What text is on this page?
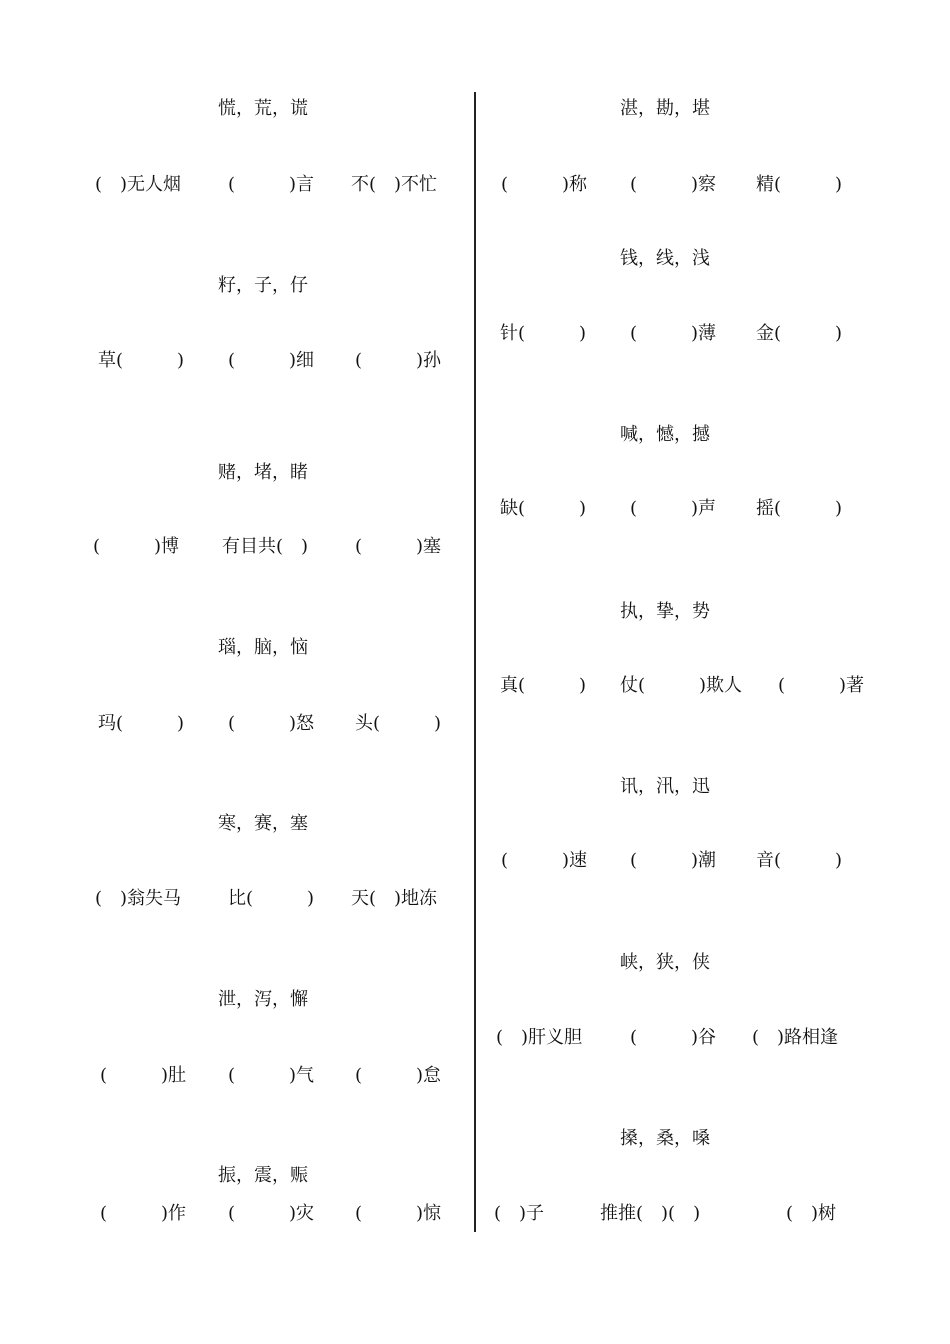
慌，荒，谎
(　)无人烟	(　　　)言 不(　)不忙
籽，子，仔
草(　　　) (　　　)细 (　　　)孙
赌，堵，睹
(　　　)博 有目共(　)	(　　　)塞
瑙，脑，恼
玛(　　　) (　　　)怒 头(　　　)
寒，赛，塞
(　)翁失马	比(　　　) 天(　)地冻
泄，泻，懈
(　　　)肚 (　　　)气 (　　　)怠
振，震，赈
(　　　)作 (　　　)灾 (　　　)惊
湛，勘，堪
(　　　)称 (　　　)察 精(　　　)
钱，线，浅
针(　　　) (　　　)薄 金(　　　)
喊，憾，撼
缺(　　　) (　　　)声 摇(　　　)
执，挚，势
真(　　　) 仗(　　　)欺人 (　　　)著
讯，汛，迅
(　　　)速 (　　　)潮 音(　　　)
峡，狭，侠
(　)肝义胆	(　　　)谷 (　)路相逢
搡，桑，嗓
(　)子	推推(　)(　)	(　)树
